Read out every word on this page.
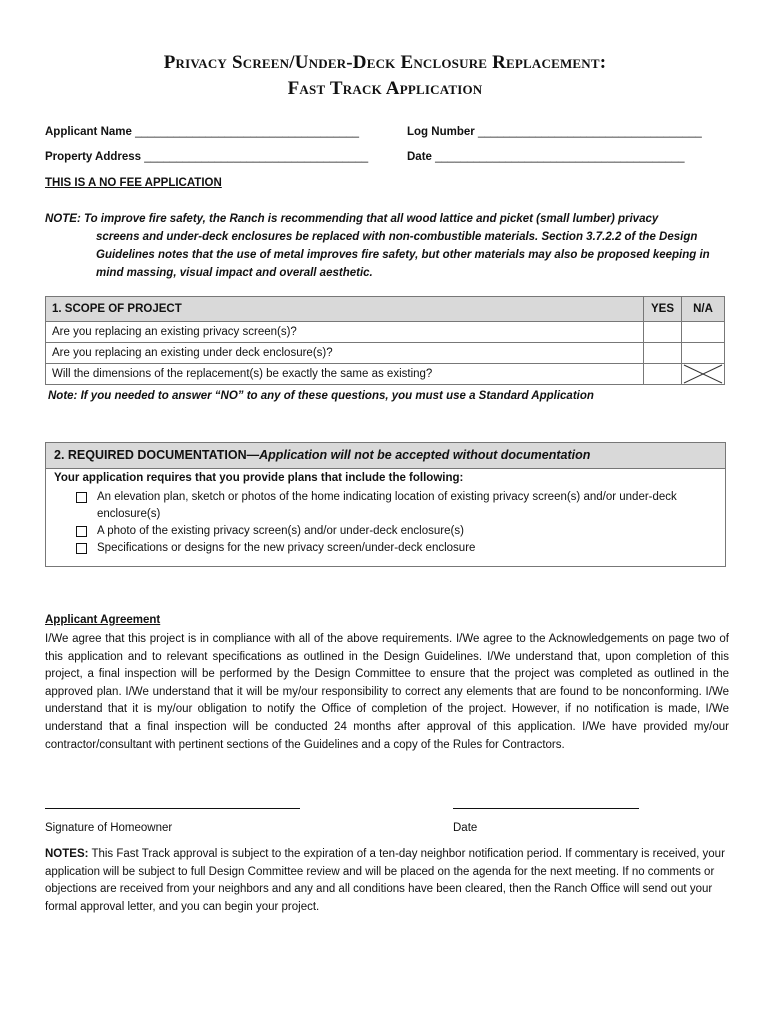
Privacy Screen/Under-Deck Enclosure Replacement:
Fast Track Application
Applicant Name ___________________________________	Log Number ___________________________________
Property Address ___________________________________	Date _______________________________________
THIS IS A NO FEE APPLICATION
NOTE: To improve fire safety, the Ranch is recommending that all wood lattice and picket (small lumber) privacy
screens and under-deck enclosures be replaced with non-combustible materials. Section 3.7.2.2 of the Design Guidelines notes that the use of metal improves fire safety, but other materials may also be proposed keeping in mind massing, visual impact and overall aesthetic.
1. SCOPE OF PROJECT	YES	N/A
Are you replacing an existing privacy screen(s)?		
Are you replacing an existing under deck enclosure(s)?		
Will the dimensions of the replacement(s) be exactly the same as existing?		
Note: If you needed to answer “NO” to any of these questions, you must use a Standard Application
2. REQUIRED DOCUMENTATION—Application will not be accepted without documentation
Your application requires that you provide plans that include the following:
An elevation plan, sketch or photos of the home indicating location of existing privacy screen(s) and/or under-deck enclosure(s)
A photo of the existing privacy screen(s) and/or under-deck enclosure(s)
Specifications or designs for the new privacy screen/under-deck enclosure
Applicant Agreement
I/We agree that this project is in compliance with all of the above requirements. I/We agree to the Acknowledgements on page two of this application and to relevant specifications as outlined in the Design Guidelines. I/We understand that, upon completion of this project, a final inspection will be performed by the Design Committee to ensure that the project was completed as outlined in the approved plan. I/We understand that it will be my/our responsibility to correct any elements that are found to be nonconforming. I/We understand that it is my/our obligation to notify the Office of completion of the project. However, if no notification is made, I/We understand that a final inspection will be conducted 24 months after approval of this application. I/We have provided my/our contractor/consultant with pertinent sections of the Guidelines and a copy of the Rules for Contractors.
Signature of Homeowner	Date
NOTES: This Fast Track approval is subject to the expiration of a ten-day neighbor notification period. If commentary is received, your application will be subject to full Design Committee review and will be placed on the agenda for the next meeting. If no comments or objections are received from your neighbors and any and all conditions have been cleared, then the Ranch Office will send out your formal approval letter, and you can begin your project.
